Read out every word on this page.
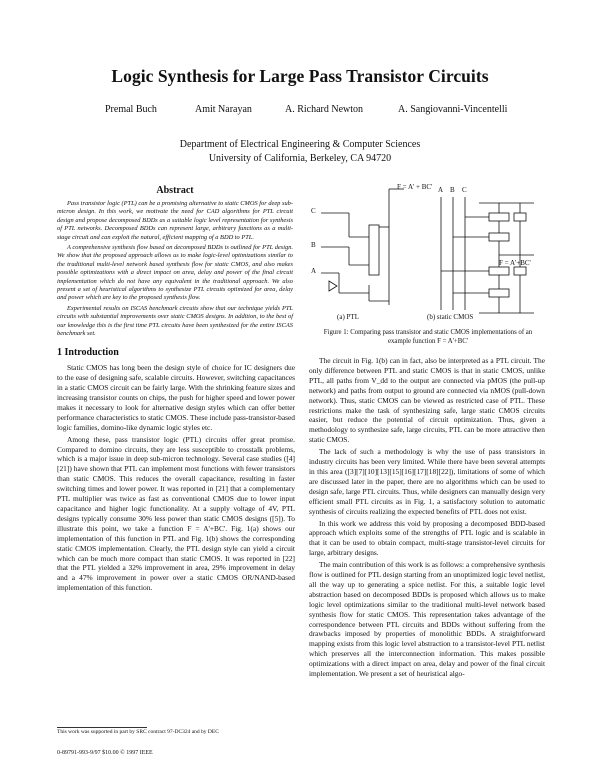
Logic Synthesis for Large Pass Transistor Circuits
Premal Buch	Amit Narayan	A. Richard Newton	A. Sangiovanni-Vincentelli
Department of Electrical Engineering & Computer Sciences
University of California, Berkeley, CA 94720
Abstract

Pass transistor logic (PTL) can be a promising alternative to static CMOS for deep sub-micron design. In this work, we motivate the need for CAD algorithms for PTL circuit design and propose decomposed BDDs as a suitable logic level representation for synthesis of PTL networks. Decomposed BDDs can represent large, arbitrary functions as a multi-stage circuit and can exploit the natural, efficient mapping of a BDD to PTL.

A comprehensive synthesis flow based on decomposed BDDs is outlined for PTL design. We show that the proposed approach allows us to make logic-level optimizations similar to the traditional multi-level network based synthesis flow for static CMOS, and also makes possible optimizations with a direct impact on area, delay and power of the final circuit implementation which do not have any equivalent in the traditional approach. We also present a set of heuristical algorithms to synthesize PTL circuits optimized for area, delay and power which are key to the proposed synthesis flow.

Experimental results on ISCAS benchmark circuits show that our technique yields PTL circuits with substantial improvements over static CMOS designs. In addition, to the best of our knowledge this is the first time PTL circuits have been synthesized for the entire ISCAS benchmark set.

1 Introduction

Static CMOS has long been the design style of choice for IC designers due to the ease of designing safe, scalable circuits. However, switching capacitances in a static CMOS circuit can be fairly large. With the shrinking feature sizes and increasing transistor counts on chips, the push for higher speed and lower power makes it necessary to look for alternative design styles which can offer better performance characteristics to static CMOS. These include pass-transistor-based logic families, domino-like dynamic logic styles etc.

Among these, pass transistor logic (PTL) circuits offer great promise. Compared to domino circuits, they are less susceptible to crosstalk problems, which is a major issue in deep sub-micron technology. Several case studies ([4][21]) have shown that PTL can implement most functions with fewer transistors than static CMOS. This reduces the overall capacitance, resulting in faster switching times and lower power. It was reported in [21] that a complementary PTL multiplier was twice as fast as conventional CMOS due to lower input capacitance and higher logic functionality. At a supply voltage of 4V, PTL designs typically consume 30% less power than static CMOS designs ([5]). To illustrate this point, we take a function F = A'+BC'. Fig. 1(a) shows our implementation of this function in PTL and Fig. 1(b) shows the corresponding static CMOS implementation. Clearly, the PTL design style can yield a circuit which can be much more compact than static CMOS. It was reported in [22] that the PTL yielded a 32% improvement in area, 29% improvement in delay and a 47% improvement in power over a static CMOS OR/NAND-based implementation of this function.

F = A' + BC'
C
B
A
A B C
F = A'+BC'
(a) PTL	(b) static CMOS
Figure 1: Comparing pass transistor and static CMOS implementations of an example function F = A'+BC'

The circuit in Fig. 1(b) can in fact, also be interpreted as a PTL circuit. The only difference between PTL and static CMOS is that in static CMOS, unlike PTL, all paths from V_dd to the output are connected via pMOS (the pull-up network) and paths from output to ground are connected via nMOS (pull-down network). Thus, static CMOS can be viewed as restricted case of PTL. These restrictions make the task of synthesizing safe, large static CMOS circuits easier, but reduce the potential of circuit optimization. Thus, given a methodology to synthesize safe, large circuits, PTL can be more attractive then static CMOS.

The lack of such a methodology is why the use of pass transistors in industry circuits has been very limited. While there have been several attempts in this area ([3][7][10][13][15][16][17][18][22]), limitations of some of which are discussed later in the paper, there are no algorithms which can be used to design safe, large PTL circuits. Thus, while designers can manually design very efficient small PTL circuits as in Fig. 1, a satisfactory solution to automatic synthesis of circuits realizing the expected benefits of PTL does not exist.

In this work we address this void by proposing a decomposed BDD-based approach which exploits some of the strengths of PTL logic and is scalable in that it can be used to obtain compact, multi-stage transistor-level circuits for large, arbitrary designs.

The main contribution of this work is as follows: a comprehensive synthesis flow is outlined for PTL design starting from an unoptimized logic level netlist, all the way up to generating a spice netlist. For this, a suitable logic level abstraction based on decomposed BDDs is proposed which allows us to make logic level optimizations similar to the traditional multi-level network based synthesis flow for static CMOS. This representation takes advantage of the correspondence between PTL circuits and BDDs without suffering from the drawbacks imposed by properties of monolithic BDDs. A straightforward mapping exists from this logic level abstraction to a transistor-level PTL netlist which preserves all the interconnection information. This makes possible optimizations with a direct impact on area, delay and power of the final circuit implementation. We present a set of heuristical algo-

This work was supported in part by SRC contract 97-DC324 and by DEC
0-89791-993-9/97 $10.00 © 1997 IEEE
